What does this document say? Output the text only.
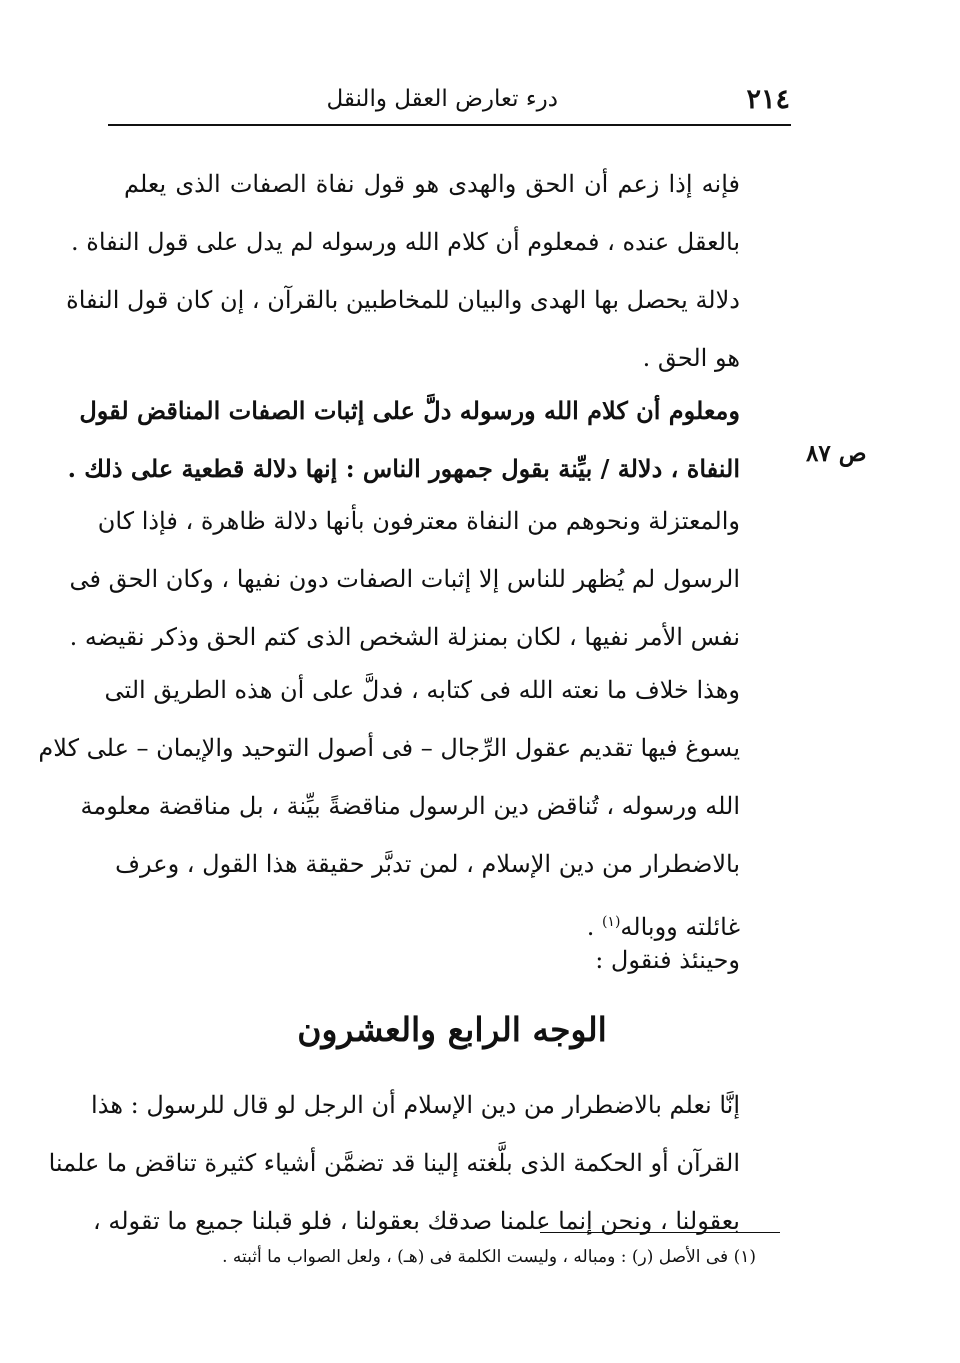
٢١٤
درء تعارض العقل والنقل
فإنه إذا زعم أن الحق والهدى هو قول نفاة الصفات الذى يعلم
بالعقل عنده ، فمعلوم أن كلام الله ورسوله لم يدل على قول النفاة .
دلالة يحصل بها الهدى والبيان للمخاطبين بالقرآن ، إن كان قول النفاة
هو الحق .
ومعلوم أن كلام الله ورسوله دلَّ على إثبات الصفات المناقض لقول
النفاة ، دلالة / بيِّنة بقول جمهور الناس : إنها دلالة قطعية على ذلك .
ص ٨٧
والمعتزلة ونحوهم من النفاة معترفون بأنها دلالة ظاهرة ، فإذا كان
الرسول لم يُظهر للناس إلا إثبات الصفات دون نفيها ، وكان الحق فى
نفس الأمر نفيها ، لكان بمنزلة الشخص الذى كتم الحق وذكر نقيضه .
وهذا خلاف ما نعته الله فى كتابه ، فدلَّ على أن هذه الطريق التى
يسوغ فيها تقديم عقول الرِّجال – فى أصول التوحيد والإيمان – على كلام
الله ورسوله ، تُناقض دين الرسول مناقضةً بيِّنة ، بل مناقضة معلومة
بالاضطرار من دين الإسلام ، لمن تدبَّر حقيقة هذا القول ، وعرف
غائلته ووباله$^{(١)}$ .
وحينئذ فنقول :
الوجه الرابع والعشرون
إنَّا نعلم بالاضطرار من دين الإسلام أن الرجل لو قال للرسول : هذا
القرآن أو الحكمة الذى بلَّغته إلينا قد تضمَّن أشياء كثيرة تناقض ما علمنا
بعقولنا ، ونحن إنما علمنا صدقك بعقولنا ، فلو قبلنا جميع ما تقوله ،
(١) فى الأصل (ر) : ومباله ، وليست الكلمة فى (هـ) ، ولعل الصواب ما أثبته .
